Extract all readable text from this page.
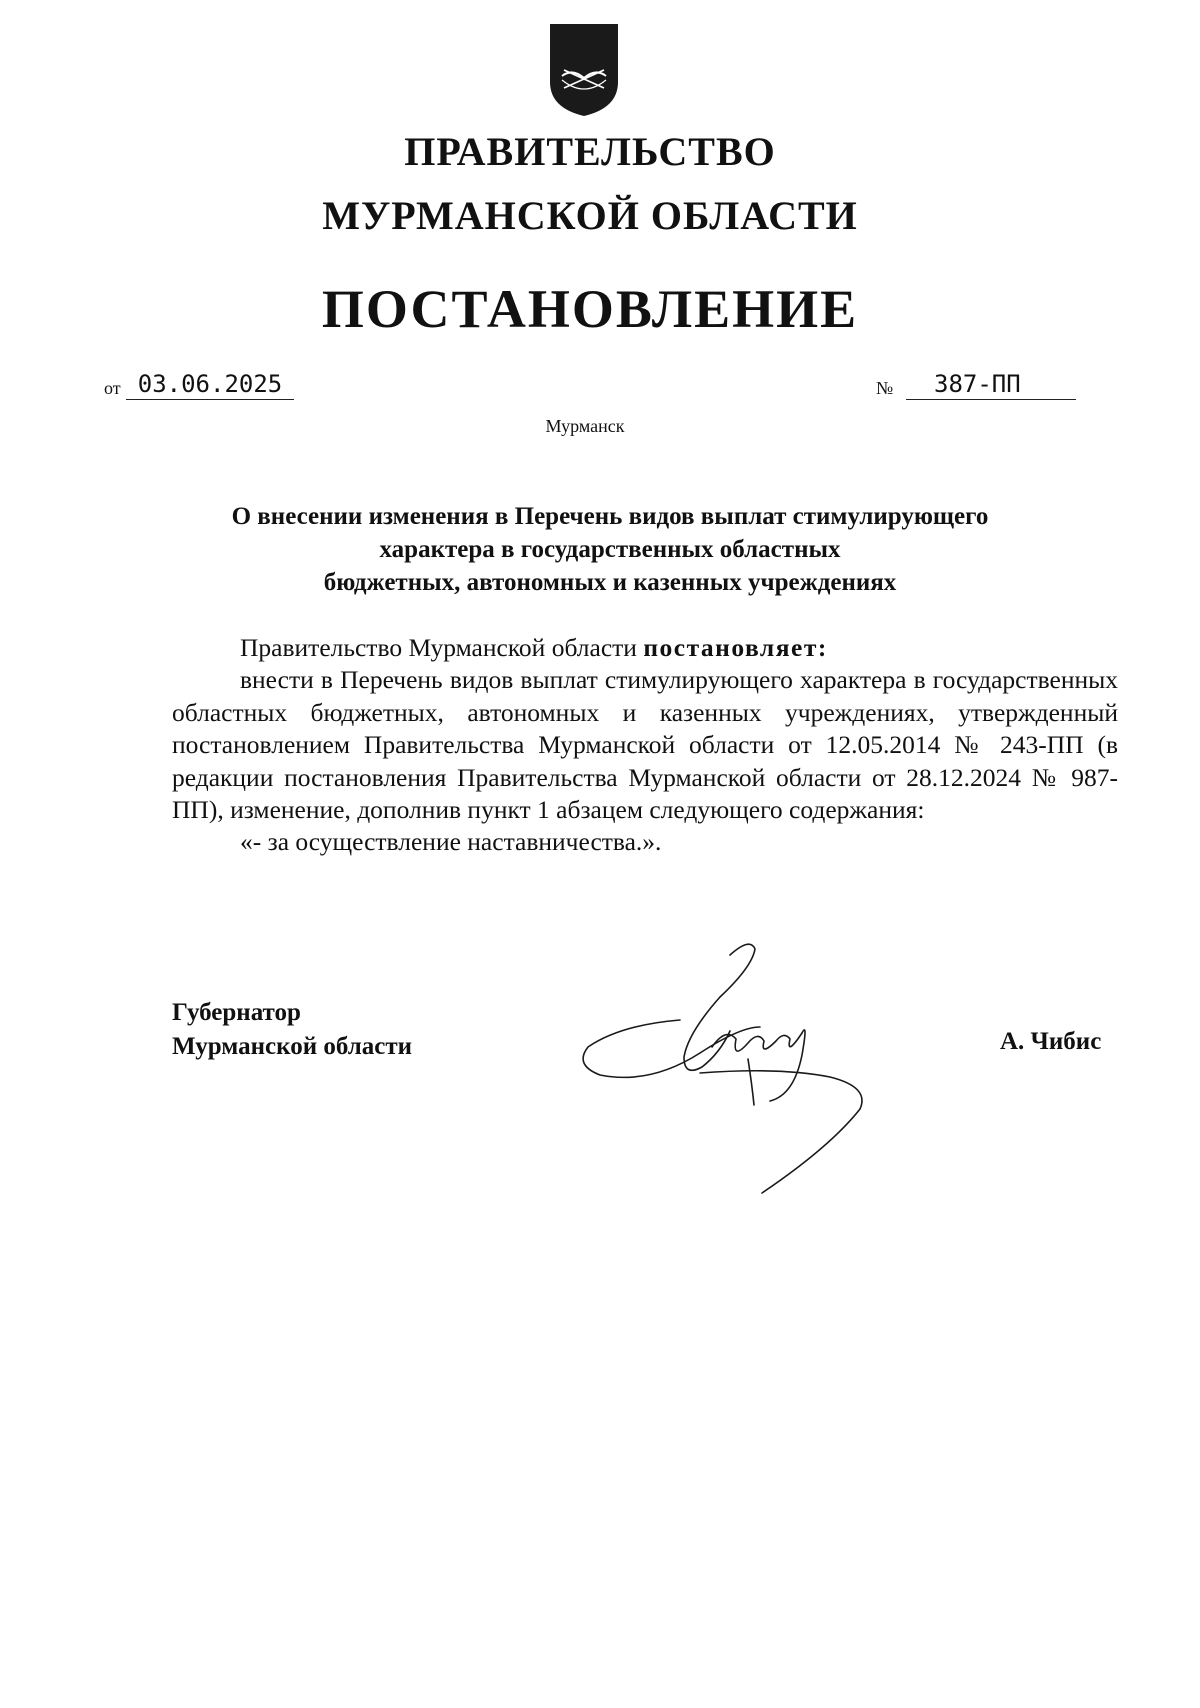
ПРАВИТЕЛЬСТВО
МУРМАНСКОЙ ОБЛАСТИ
ПОСТАНОВЛЕНИЕ
от 03.06.2025	№	387-ПП
Мурманск
О внесении изменения в Перечень видов выплат стимулирующего
характера в государственных областных
бюджетных, автономных и казенных учреждениях

Правительство Мурманской области постановляет:

внести в Перечень видов выплат стимулирующего характера в государственных областных бюджетных, автономных и казенных учреждениях, утвержденный постановлением Правительства Мурманской области от 12.05.2014 № 243-ПП (в редакции постановления Правительства Мурманской области от 28.12.2024 № 987-ПП), изменение, дополнив пункт 1 абзацем следующего содержания:

«- за осуществление наставничества.».

Губернатор
Мурманской области	А. Чибис
